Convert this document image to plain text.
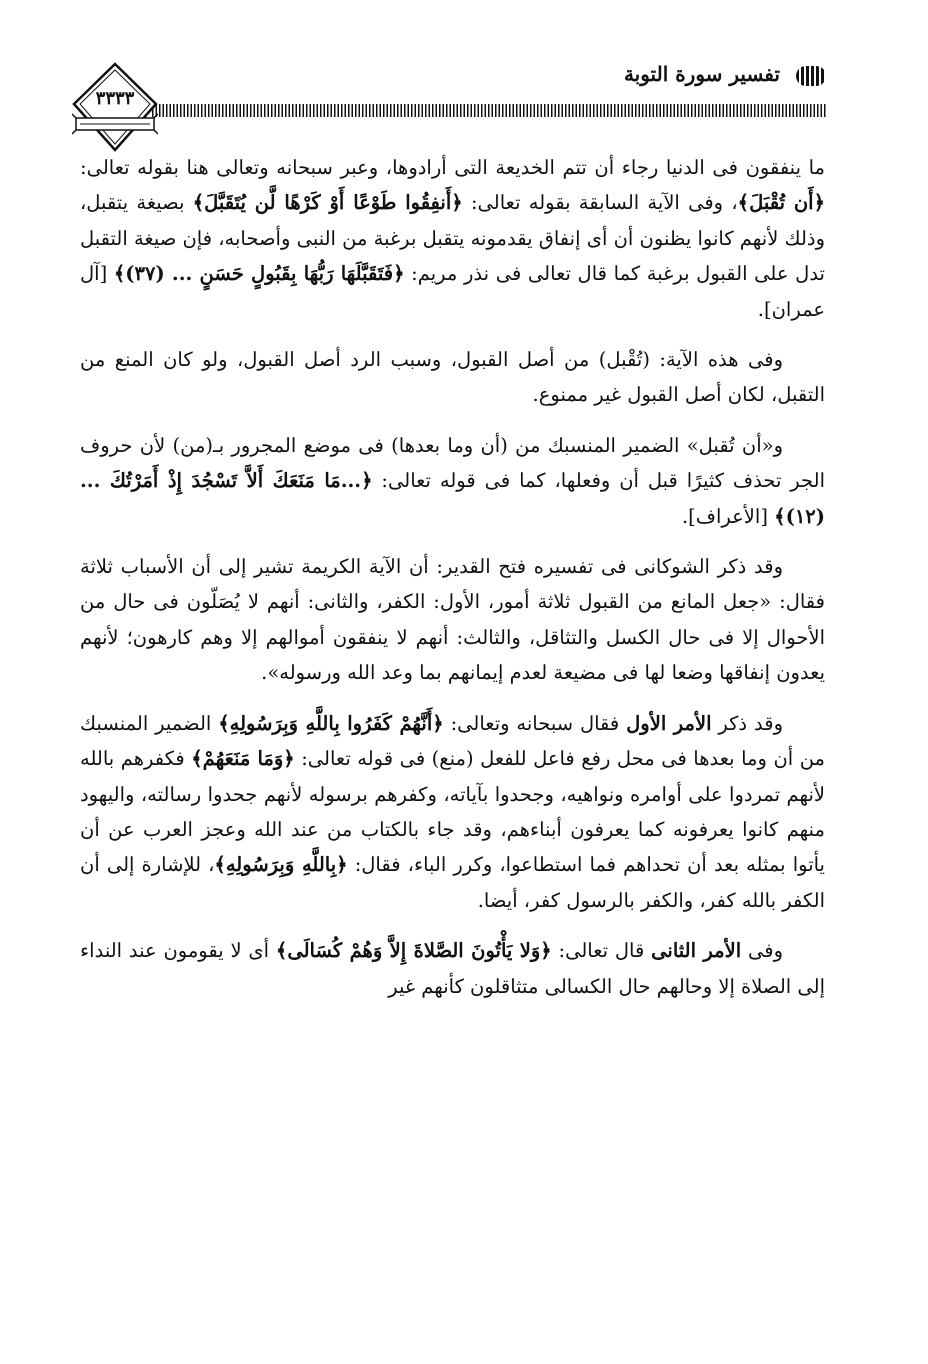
تفسير سورة التوبة
٣٣٣٣

ما ينفقون فى الدنيا رجاء أن تتم الخديعة التى أرادوها، وعبر سبحانه وتعالى هنا بقوله تعالى: ﴿أَن تُقْبَلَ﴾، وفى الآية السابقة بقوله تعالى: ﴿أَنفِقُوا طَوْعًا أَوْ كَرْهًا لَّن يُتَقَبَّلَ﴾ بصيغة يتقبل، وذلك لأنهم كانوا يظنون أن أى إنفاق يقدمونه يتقبل برغبة من النبى وأصحابه، فإن صيغة التقبل تدل على القبول برغبة كما قال تعالى فى نذر مريم: ﴿فَتَقَبَّلَهَا رَبُّهَا بِقَبُولٍ حَسَنٍ ... (٣٧)﴾ [آل عمران].

وفى هذه الآية: (تُقْبل) من أصل القبول، وسبب الرد أصل القبول، ولو كان المنع من التقبل، لكان أصل القبول غير ممنوع.

و«أن تُقبل» الضمير المنسبك من (أن وما بعدها) فى موضع المجرور بـ(من) لأن حروف الجر تحذف كثيرًا قبل أن وفعلها، كما فى قوله تعالى: ﴿...مَا مَنَعَكَ أَلاَّ تَسْجُدَ إِذْ أَمَرْتُكَ ... (١٢)﴾ [الأعراف].

وقد ذكر الشوكانى فى تفسيره فتح القدير: أن الآية الكريمة تشير إلى أن الأسباب ثلاثة فقال: «جعل المانع من القبول ثلاثة أمور، الأول: الكفر، والثانى: أنهم لا يُصَلّون فى حال من الأحوال إلا فى حال الكسل والتثاقل، والثالث: أنهم لا ينفقون أموالهم إلا وهم كارهون؛ لأنهم يعدون إنفاقها وضعا لها فى مضيعة لعدم إيمانهم بما وعد الله ورسوله».

وقد ذكر الأمر الأول فقال سبحانه وتعالى: ﴿أَنَّهُمْ كَفَرُوا بِاللَّهِ وَبِرَسُولِهِ﴾ الضمير المنسبك من أن وما بعدها فى محل رفع فاعل للفعل (منع) فى قوله تعالى: ﴿وَمَا مَنَعَهُمْ﴾ فكفرهم بالله لأنهم تمردوا على أوامره ونواهيه، وجحدوا بآياته، وكفرهم برسوله لأنهم جحدوا رسالته، واليهود منهم كانوا يعرفونه كما يعرفون أبناءهم، وقد جاء بالكتاب من عند الله وعجز العرب عن أن يأتوا بمثله بعد أن تحداهم فما استطاعوا، وكرر الباء، فقال: ﴿بِاللَّهِ وَبِرَسُولِهِ﴾، للإشارة إلى أن الكفر بالله كفر، والكفر بالرسول كفر، أيضا.

وفى الأمر الثانى قال تعالى: ﴿وَلا يَأْتُونَ الصَّلاةَ إِلاَّ وَهُمْ كُسَالَى﴾ أى لا يقومون عند النداء إلى الصلاة إلا وحالهم حال الكسالى متثاقلون كأنهم غير
